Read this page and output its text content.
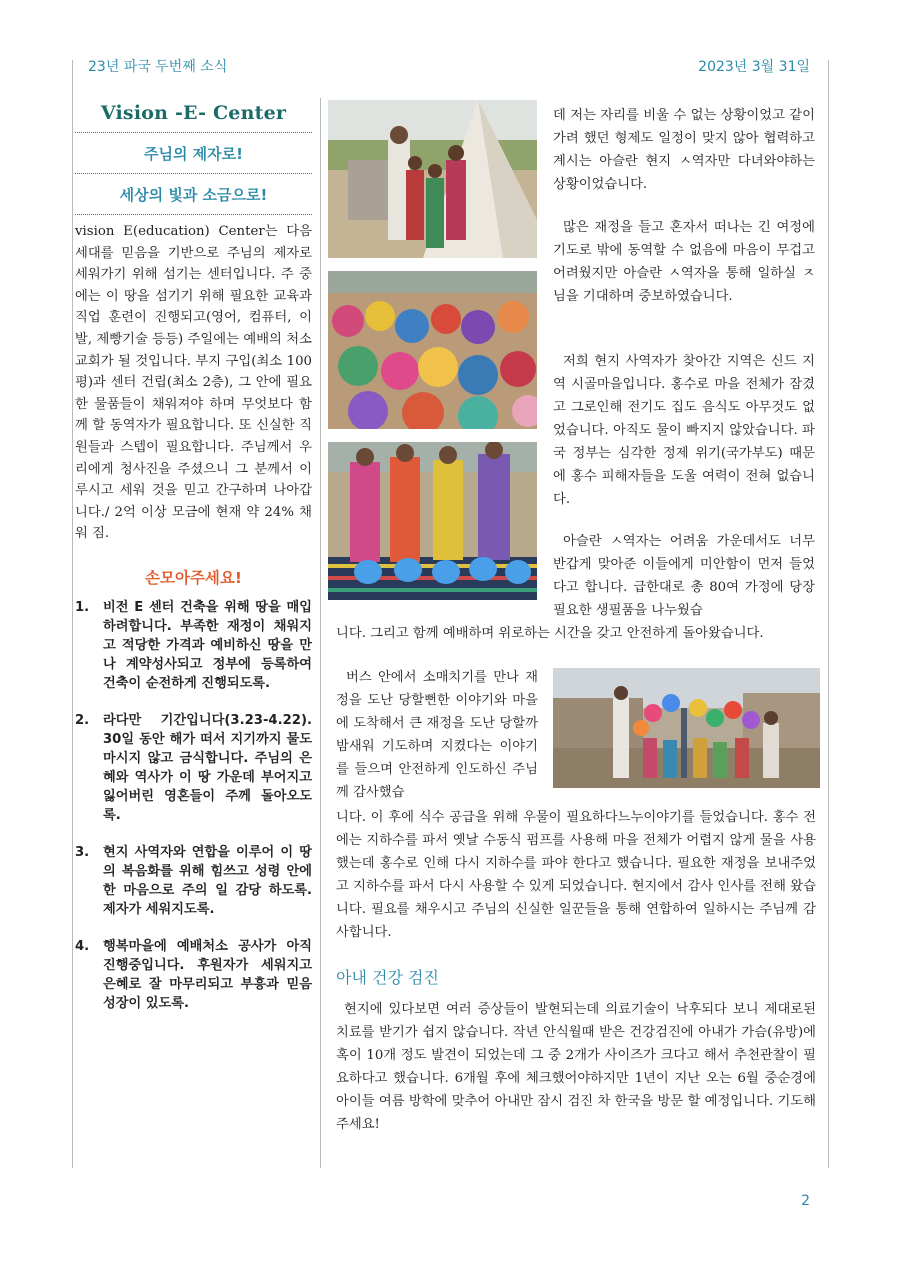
23년 파국 두번째 소식	2023년 3월 31일
Vision -E- Center
주님의 제자로!
세상의 빛과 소금으로!
vision E(education) Center는 다음 세대를 믿음을 기반으로 주님의 제자로 세워가기 위해 섬기는 센터입니다. 주 중에는 이 땅을 섬기기 위해 필요한 교육과 직업 훈련이 진행되고(영어, 컴퓨터, 이발, 제빵기술 등등) 주일에는 예배의 처소 교회가 될 것입니다. 부지 구입(최소 100평)과 센터 건립(최소 2층), 그 안에 필요한 물품들이 채워져야 하며 무엇보다 함께 할 동역자가 필요합니다. 또 신실한 직원들과 스텝이 필요합니다. 주님께서 우리에게 청사진을 주셨으니 그 분께서 이루시고 세워 것을 믿고 간구하며 나아갑니다./ 2억 이상 모금에 현재 약 24% 채워 짐.
손모아주세요!
1. 비전 E 센터 건축을 위해 땅을 매입하려합니다. 부족한 재정이 채워지고 적당한 가격과 예비하신 땅을 만나 계약성사되고 정부에 등록하여 건축이 순전하게 진행되도록.
2. 라다만 기간입니다(3.23-4.22). 30일 동안 해가 떠서 지기까지 물도 마시지 않고 금식합니다. 주님의 은혜와 역사가 이 땅 가운데 부어지고 잃어버린 영혼들이 주께 돌아오도록.
3. 현지 사역자와 연합을 이루어 이 땅의 복음화를 위해 힘쓰고 성령 안에 한 마음으로 주의 일 감당 하도록. 제자가 세워지도록.
4. 행복마을에 예배처소 공사가 아직 진행중입니다. 후원자가 세워지고 은혜로 잘 마무리되고 부흥과 믿음 성장이 있도록.

데 저는 자리를 비울 수 없는 상황이었고 같이 가려 했던 형제도 일정이 맞지 않아 협력하고 계시는 아슬란 현지 ㅅ역자만 다녀와야하는 상황이었습니다.

많은 재정을 들고 혼자서 떠나는 긴 여정에 기도로 밖에 동역할 수 없음에 마음이 무겁고 어려웠지만 아슬란 ㅅ역자을 통해 일하실 ㅈ님을 기대하며 중보하였습니다.

저희 현지 사역자가 찾아간 지역은 신드 지역 시골마을입니다. 홍수로 마을 전체가 잠겼고 그로인해 전기도 집도 음식도 아무것도 없었습니다. 아직도 물이 빠지지 않았습니다. 파국 정부는 심각한 정제 위기(국가부도) 때문에 홍수 피해자들을 도울 여력이 전혀 없습니다.

아슬란 ㅅ역자는 어려움 가운데서도 너무 반갑게 맞아준 이들에게 미안함이 먼저 들었다고 합니다. 급한대로 총 80여 가정에 당장 필요한 생필품을 나누웠습

니다. 그리고 함께 예배하며 위로하는 시간을 갖고 안전하게 돌아왔습니다.

버스 안에서 소매치기를 만나 재정을 도난 당할뻔한 이야기와 마을에 도착해서 큰 재정을 도난 당할까 밤새워 기도하며 지켰다는 이야기를 들으며 안전하게 인도하신 주님께 감사했습

니다. 이 후에 식수 공급을 위해 우물이 필요하다느누이야기를 들었습니다. 홍수 전에는 지하수를 파서 옛날 수동식 펌프를 사용해 마을 전체가 어렵지 않게 물을 사용했는데 홍수로 인해 다시 지하수를 파야 한다고 했습니다. 필요한 재정을 보내주었고 지하수를 파서 다시 사용할 수 있게 되었습니다. 현지에서 감사 인사를 전해 왔습니다. 필요를 채우시고 주님의 신실한 일꾼들을 통해 연합하여 일하시는 주님께 감사합니다.

아내 건강 검진

현지에 있다보면 여러 증상들이 발현되는데 의료기술이 낙후되다 보니 제대로된 치료를 받기가 쉽지 않습니다. 작년 안식월때 받은 건강검진에 아내가 가슴(유방)에 혹이 10개 정도 발견이 되었는데 그 중 2개가 사이즈가 크다고 해서 추천관찰이 필요하다고 했습니다. 6개월 후에 체크했어야하지만 1년이 지난 오는 6월 중순경에 아이들 여름 방학에 맞추어 아내만 잠시 검진 차 한국을 방문 할 예정입니다. 기도해주세요!

2
